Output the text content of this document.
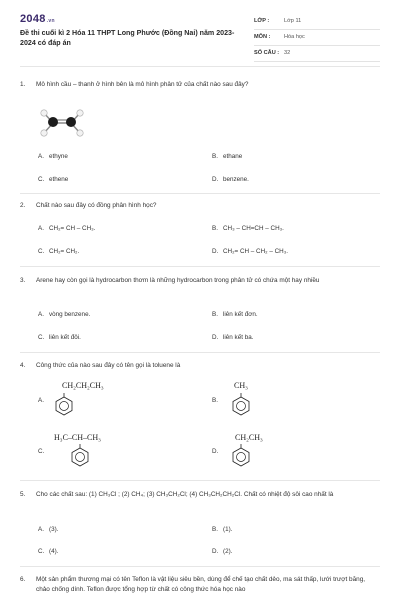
2048.vn
Đề thi cuối kì 2 Hóa 11 THPT Long Phước (Đồng Nai) năm 2023-2024 có đáp án
LỚP :	Lớp 11
MÔN : Hóa học
SỐ CÂU : 32
1. Mô hình cầu – thanh ở hình bên là mô hình phân tử của chất nào sau đây?
A. ethyne	B. ethane
C. ethene	D. benzene.
2. Chất nào sau đây có đồng phân hình học?
A. CH₂= CH – CH₃.	B. CH₃ – CH=CH – CH₃.
C. CH₂= CH₂.	D. CH₂= CH – CH₂ – CH₃.
3. Arene hay còn gọi là hydrocarbon thơm là những hydrocarbon trong phân tử có chứa một hay nhiều
A. vòng benzene.	B. liên kết đơn.
C. liên kết đôi.	D. liên kết ba.
4. Công thức của nào sau đây có tên gọi là toluene là
A.
CH₂CH₂CH₃
B.
CH₃
C.
H₃C–CH–CH₃
D.
CH₂CH₃
5. Cho các chất sau: (1) CH₃Cl ; (2) CH₄; (3) CH₃CH₂Cl; (4) CH₃CH₂CH₂Cl. Chất có nhiệt độ sôi cao nhất là
A. (3).	B. (1).
C. (4).	D. (2).
6. Một sản phẩm thương mại có tên Teflon là vật liệu siêu bền, dùng để chế tạo chất dẻo, ma sát thấp, lưới trượt băng, chảo chống dính. Teflon được tổng hợp từ chất có công thức hóa học nào
